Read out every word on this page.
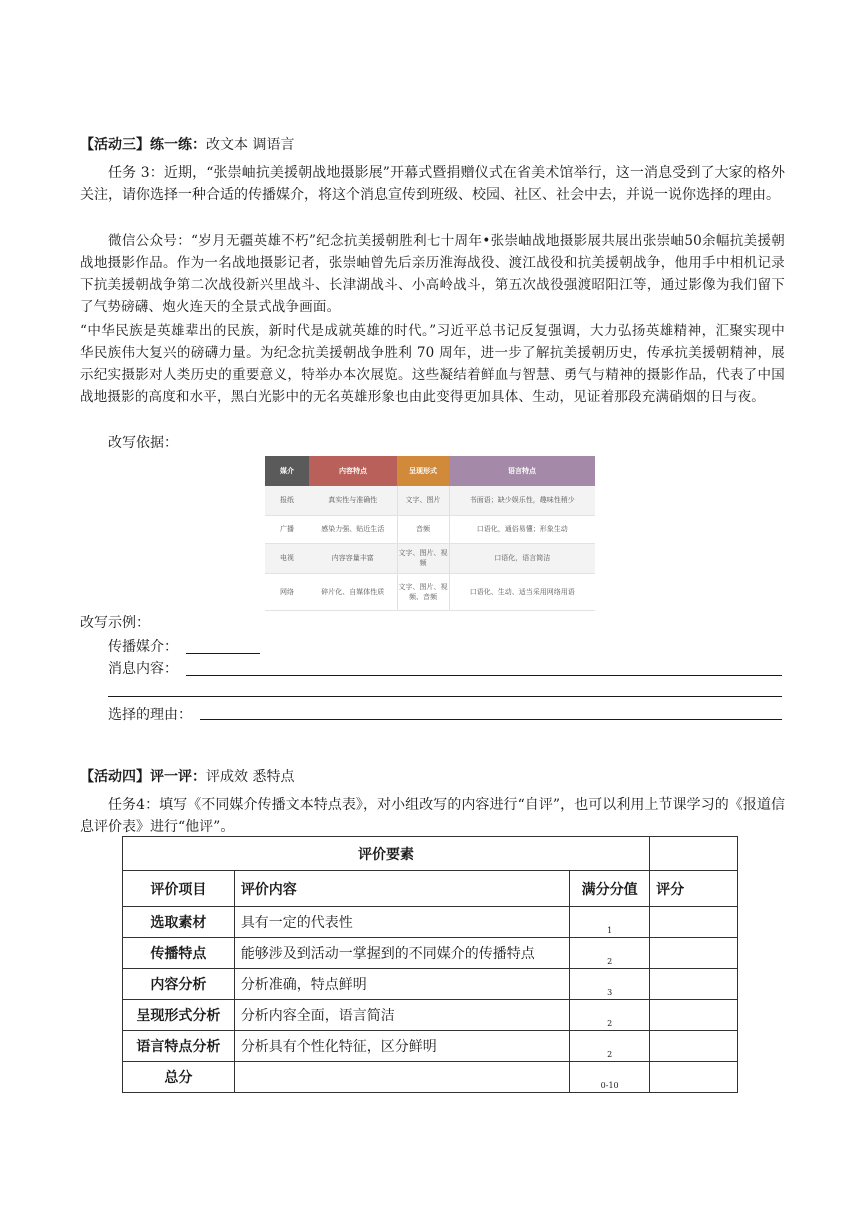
【活动三】练一练：改文本 调语言

任务 3：近期，“张崇岫抗美援朝战地摄影展”开幕式暨捐赠仪式在省美术馆举行，这一消息受到了大家的格外关注，请你选择一种合适的传播媒介，将这个消息宣传到班级、校园、社区、社会中去，并说一说你选择的理由。

微信公众号：“岁月无疆英雄不朽”纪念抗美援朝胜利七十周年•张崇岫战地摄影展共展出张崇岫50余幅抗美援朝战地摄影作品。作为一名战地摄影记者，张崇岫曾先后亲历淮海战役、渡江战役和抗美援朝战争，他用手中相机记录下抗美援朝战争第二次战役新兴里战斗、长津湖战斗、小高岭战斗，第五次战役强渡昭阳江等，通过影像为我们留下了气势磅礴、炮火连天的全景式战争画面。

“中华民族是英雄辈出的民族，新时代是成就英雄的时代。”习近平总书记反复强调，大力弘扬英雄精神，汇聚实现中华民族伟大复兴的磅礴力量。为纪念抗美援朝战争胜利 70 周年，进一步了解抗美援朝历史，传承抗美援朝精神，展示纪实摄影对人类历史的重要意义，特举办本次展览。这些凝结着鲜血与智慧、勇气与精神的摄影作品，代表了中国战地摄影的高度和水平，黑白光影中的无名英雄形象也由此变得更加具体、生动，见证着那段充满硝烟的日与夜。

改写依据：

媒介	内容特点	呈现形式	语言特点
报纸	真实性与准确性	文字、图片	书面语；缺少娱乐性，趣味性稍少
广播	感染力强、贴近生活	音频	口语化，通俗易懂；形象生动
电视	内容容量丰富	文字、图片、视频	口语化，语言简洁
网络	碎片化、自媒体性质	文字、图片、视频、音频	口语化、生动、适当采用网络用语

改写示例：

传播媒介：

消息内容：

选择的理由：

【活动四】评一评：评成效 悉特点

任务4：填写《不同媒介传播文本特点表》，对小组改写的内容进行“自评”，也可以利用上节课学习的《报道信息评价表》进行“他评”。

评价要素			
评价项目	评价内容	满分分值	评分
选取素材	具有一定的代表性	1	
传播特点	能够涉及到活动一掌握到的不同媒介的传播特点	2	
内容分析	分析准确，特点鲜明	3	
呈现形式分析	分析内容全面，语言简洁	2	
语言特点分析	分析具有个性化特征，区分鲜明	2	
总分		0-10	
